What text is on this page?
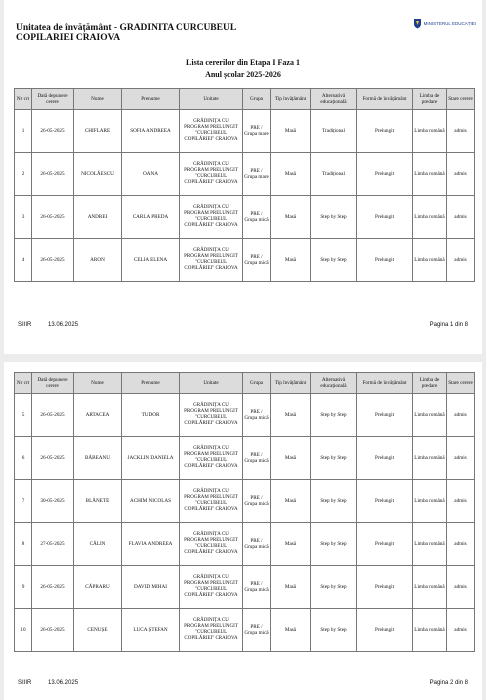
Unitatea de învățământ - GRADINITA CURCUBEUL
COPILARIEI CRAIOVA
MINISTERUL EDUCAȚIEI
Lista cererilor din Etapa I Faza 1
Anul școlar 2025-2026
Nr crt	Dată depunere cerere	Nume	Prenume	Unitate	Grupa	Tip învățământ	Alternativă educațională	Formă de învățământ	Limba de predare	Stare cerere
1	26-05-2025	CHIFLARE	SOFIA ANDREEA	GRĂDINIȚA CU PROGRAM PRELUNGIT "CURCUBEUL COPILĂRIEI" CRAIOVA	PRE / Grupa mare	Masă	Tradițional	Prelungit	Limba română	admis
2	26-05-2025	NICOLĂESCU	OANA	GRĂDINIȚA CU PROGRAM PRELUNGIT "CURCUBEUL COPILĂRIEI" CRAIOVA	PRE / Grupa mare	Masă	Tradițional	Prelungit	Limba română	admis
3	26-05-2025	ANDREI	CARLA PREDA	GRĂDINIȚA CU PROGRAM PRELUNGIT "CURCUBEUL COPILĂRIEI" CRAIOVA	PRE / Grupa mică	Masă	Step by Step	Prelungit	Limba română	admis
4	26-05-2025	ARON	CELIA ELENA	GRĂDINIȚA CU PROGRAM PRELUNGIT "CURCUBEUL COPILĂRIEI" CRAIOVA	PRE / Grupa mică	Masă	Step by Step	Prelungit	Limba română	admis
SIIIR	13.06.2025	Pagina 1 din 8
Nr crt	Dată depunere cerere	Nume	Prenume	Unitate	Grupa	Tip învățământ	Alternativă educațională	Formă de învățământ	Limba de predare	Stare cerere
5	26-05-2025	ARTACEA	TUDOR	GRĂDINIȚA CU PROGRAM PRELUNGIT "CURCUBEUL COPILĂRIEI" CRAIOVA	PRE / Grupa mică	Masă	Step by Step	Prelungit	Limba română	admis
6	26-05-2025	BĂBEANU	JACKLIN DANIELA	GRĂDINIȚA CU PROGRAM PRELUNGIT "CURCUBEUL COPILĂRIEI" CRAIOVA	PRE / Grupa mică	Masă	Step by Step	Prelungit	Limba română	admis
7	30-05-2025	BLĂNETE	ACHIM NICOLAS	GRĂDINIȚA CU PROGRAM PRELUNGIT "CURCUBEUL COPILĂRIEI" CRAIOVA	PRE / Grupa mică	Masă	Step by Step	Prelungit	Limba română	admis
8	27-05-2025	CĂLIN	FLAVIA ANDREEA	GRĂDINIȚA CU PROGRAM PRELUNGIT "CURCUBEUL COPILĂRIEI" CRAIOVA	PRE / Grupa mică	Masă	Step by Step	Prelungit	Limba română	admis
9	26-05-2025	CĂPRARU	DAVID MIHAI	GRĂDINIȚA CU PROGRAM PRELUNGIT "CURCUBEUL COPILĂRIEI" CRAIOVA	PRE / Grupa mică	Masă	Step by Step	Prelungit	Limba română	admis
10	26-05-2025	CENUȘE	LUCA ȘTEFAN	GRĂDINIȚA CU PROGRAM PRELUNGIT "CURCUBEUL COPILĂRIEI" CRAIOVA	PRE / Grupa mică	Masă	Step by Step	Prelungit	Limba română	admis
SIIIR	13.06.2025	Pagina 2 din 8
